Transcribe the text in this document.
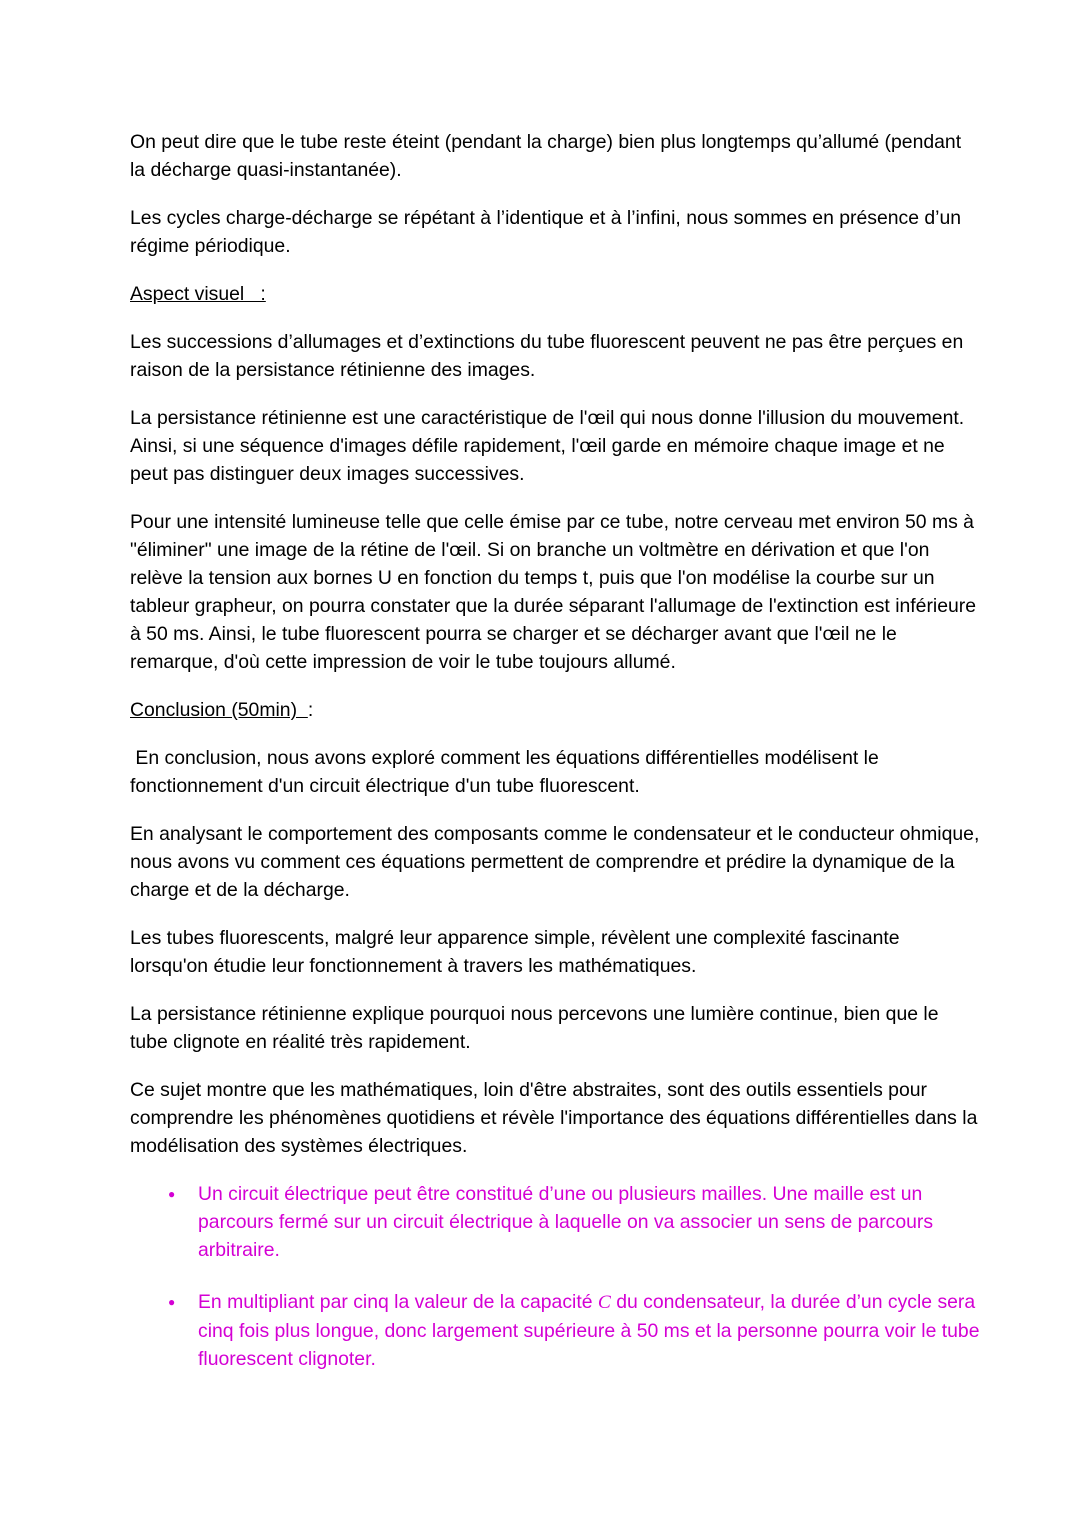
On peut dire que le tube reste éteint (pendant la charge) bien plus longtemps qu’allumé (pendant la décharge quasi-instantanée).

Les cycles charge-décharge se répétant à l’identique et à l’infini, nous sommes en présence d’un régime périodique.

Aspect visuel   :

Les successions d’allumages et d’extinctions du tube fluorescent peuvent ne pas être perçues en raison de la persistance rétinienne des images.

La persistance rétinienne est une caractéristique de l'œil qui nous donne l'illusion du mouvement. Ainsi, si une séquence d'images défile rapidement, l'œil garde en mémoire chaque image et ne peut pas distinguer deux images successives.

Pour une intensité lumineuse telle que celle émise par ce tube, notre cerveau met environ 50 ms à "éliminer" une image de la rétine de l'œil. Si on branche un voltmètre en dérivation et que l'on relève la tension aux bornes U en fonction du temps t, puis que l'on modélise la courbe sur un tableur grapheur, on pourra constater que la durée séparant l'allumage de l'extinction est inférieure à 50 ms. Ainsi, le tube fluorescent pourra se charger et se décharger avant que l'œil ne le remarque, d'où cette impression de voir le tube toujours allumé.

Conclusion (50min)  :

En conclusion, nous avons exploré comment les équations différentielles modélisent le fonctionnement d'un circuit électrique d'un tube fluorescent.

En analysant le comportement des composants comme le condensateur et le conducteur ohmique, nous avons vu comment ces équations permettent de comprendre et prédire la dynamique de la charge et de la décharge.

Les tubes fluorescents, malgré leur apparence simple, révèlent une complexité fascinante lorsqu'on étudie leur fonctionnement à travers les mathématiques.

La persistance rétinienne explique pourquoi nous percevons une lumière continue, bien que le tube clignote en réalité très rapidement.

Ce sujet montre que les mathématiques, loin d'être abstraites, sont des outils essentiels pour comprendre les phénomènes quotidiens et révèle l'importance des équations différentielles dans la modélisation des systèmes électriques.

● Un circuit électrique peut être constitué d’une ou plusieurs mailles. Une maille est un parcours fermé sur un circuit électrique à laquelle on va associer un sens de parcours arbitraire.
● En multipliant par cinq la valeur de la capacité C du condensateur, la durée d’un cycle sera cinq fois plus longue, donc largement supérieure à 50 ms et la personne pourra voir le tube fluorescent clignoter.
